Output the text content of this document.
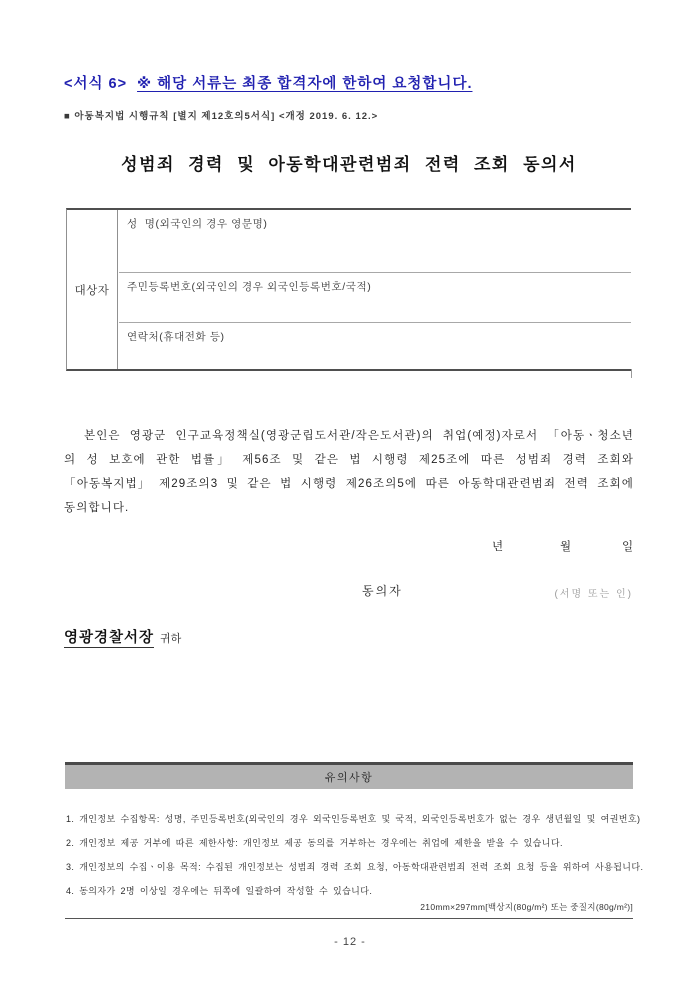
<서식 6> ※ 해당 서류는 최종 합격자에 한하여 요청합니다.
■ 아동복지법 시행규칙 [별지 제12호의5서식] <개정 2019. 6. 12.>
성범죄 경력 및 아동학대관련범죄 전력 조회 동의서
대상자
성  명(외국인의 경우 영문명)
주민등록번호(외국인의 경우 외국인등록번호/국적)
연락처(휴대전화 등)
본인은 영광군 인구교육정책실(영광군립도서관/작은도서관)의 취업(예정)자로서 「아동ㆍ청소년의 성 보호에 관한 법률」 제56조 및 같은 법 시행령 제25조에 따른 성범죄 경력 조회와 「아동복지법」 제29조의3 및 같은 법 시행령 제26조의5에 따른 아동학대관련범죄 전력 조회에 동의합니다.
년	월	일
동의자	(서명 또는 인)
영광경찰서장 귀하
유의사항
1. 개인정보 수집항목: 성명, 주민등록번호(외국인의 경우 외국인등록번호 및 국적, 외국인등록번호가 없는 경우 생년월일 및 여권번호)
2. 개인정보 제공 거부에 따른 제한사항: 개인정보 제공 동의를 거부하는 경우에는 취업에 제한을 받을 수 있습니다.
3. 개인정보의 수집ㆍ이용 목적: 수집된 개인정보는 성범죄 경력 조회 요청, 아동학대관련범죄 전력 조회 요청 등을 위하여 사용됩니다.
4. 동의자가 2명 이상일 경우에는 뒤쪽에 일괄하여 작성할 수 있습니다.
210mm×297mm[백상지(80g/m²) 또는 중질지(80g/m²)]
- 12 -
